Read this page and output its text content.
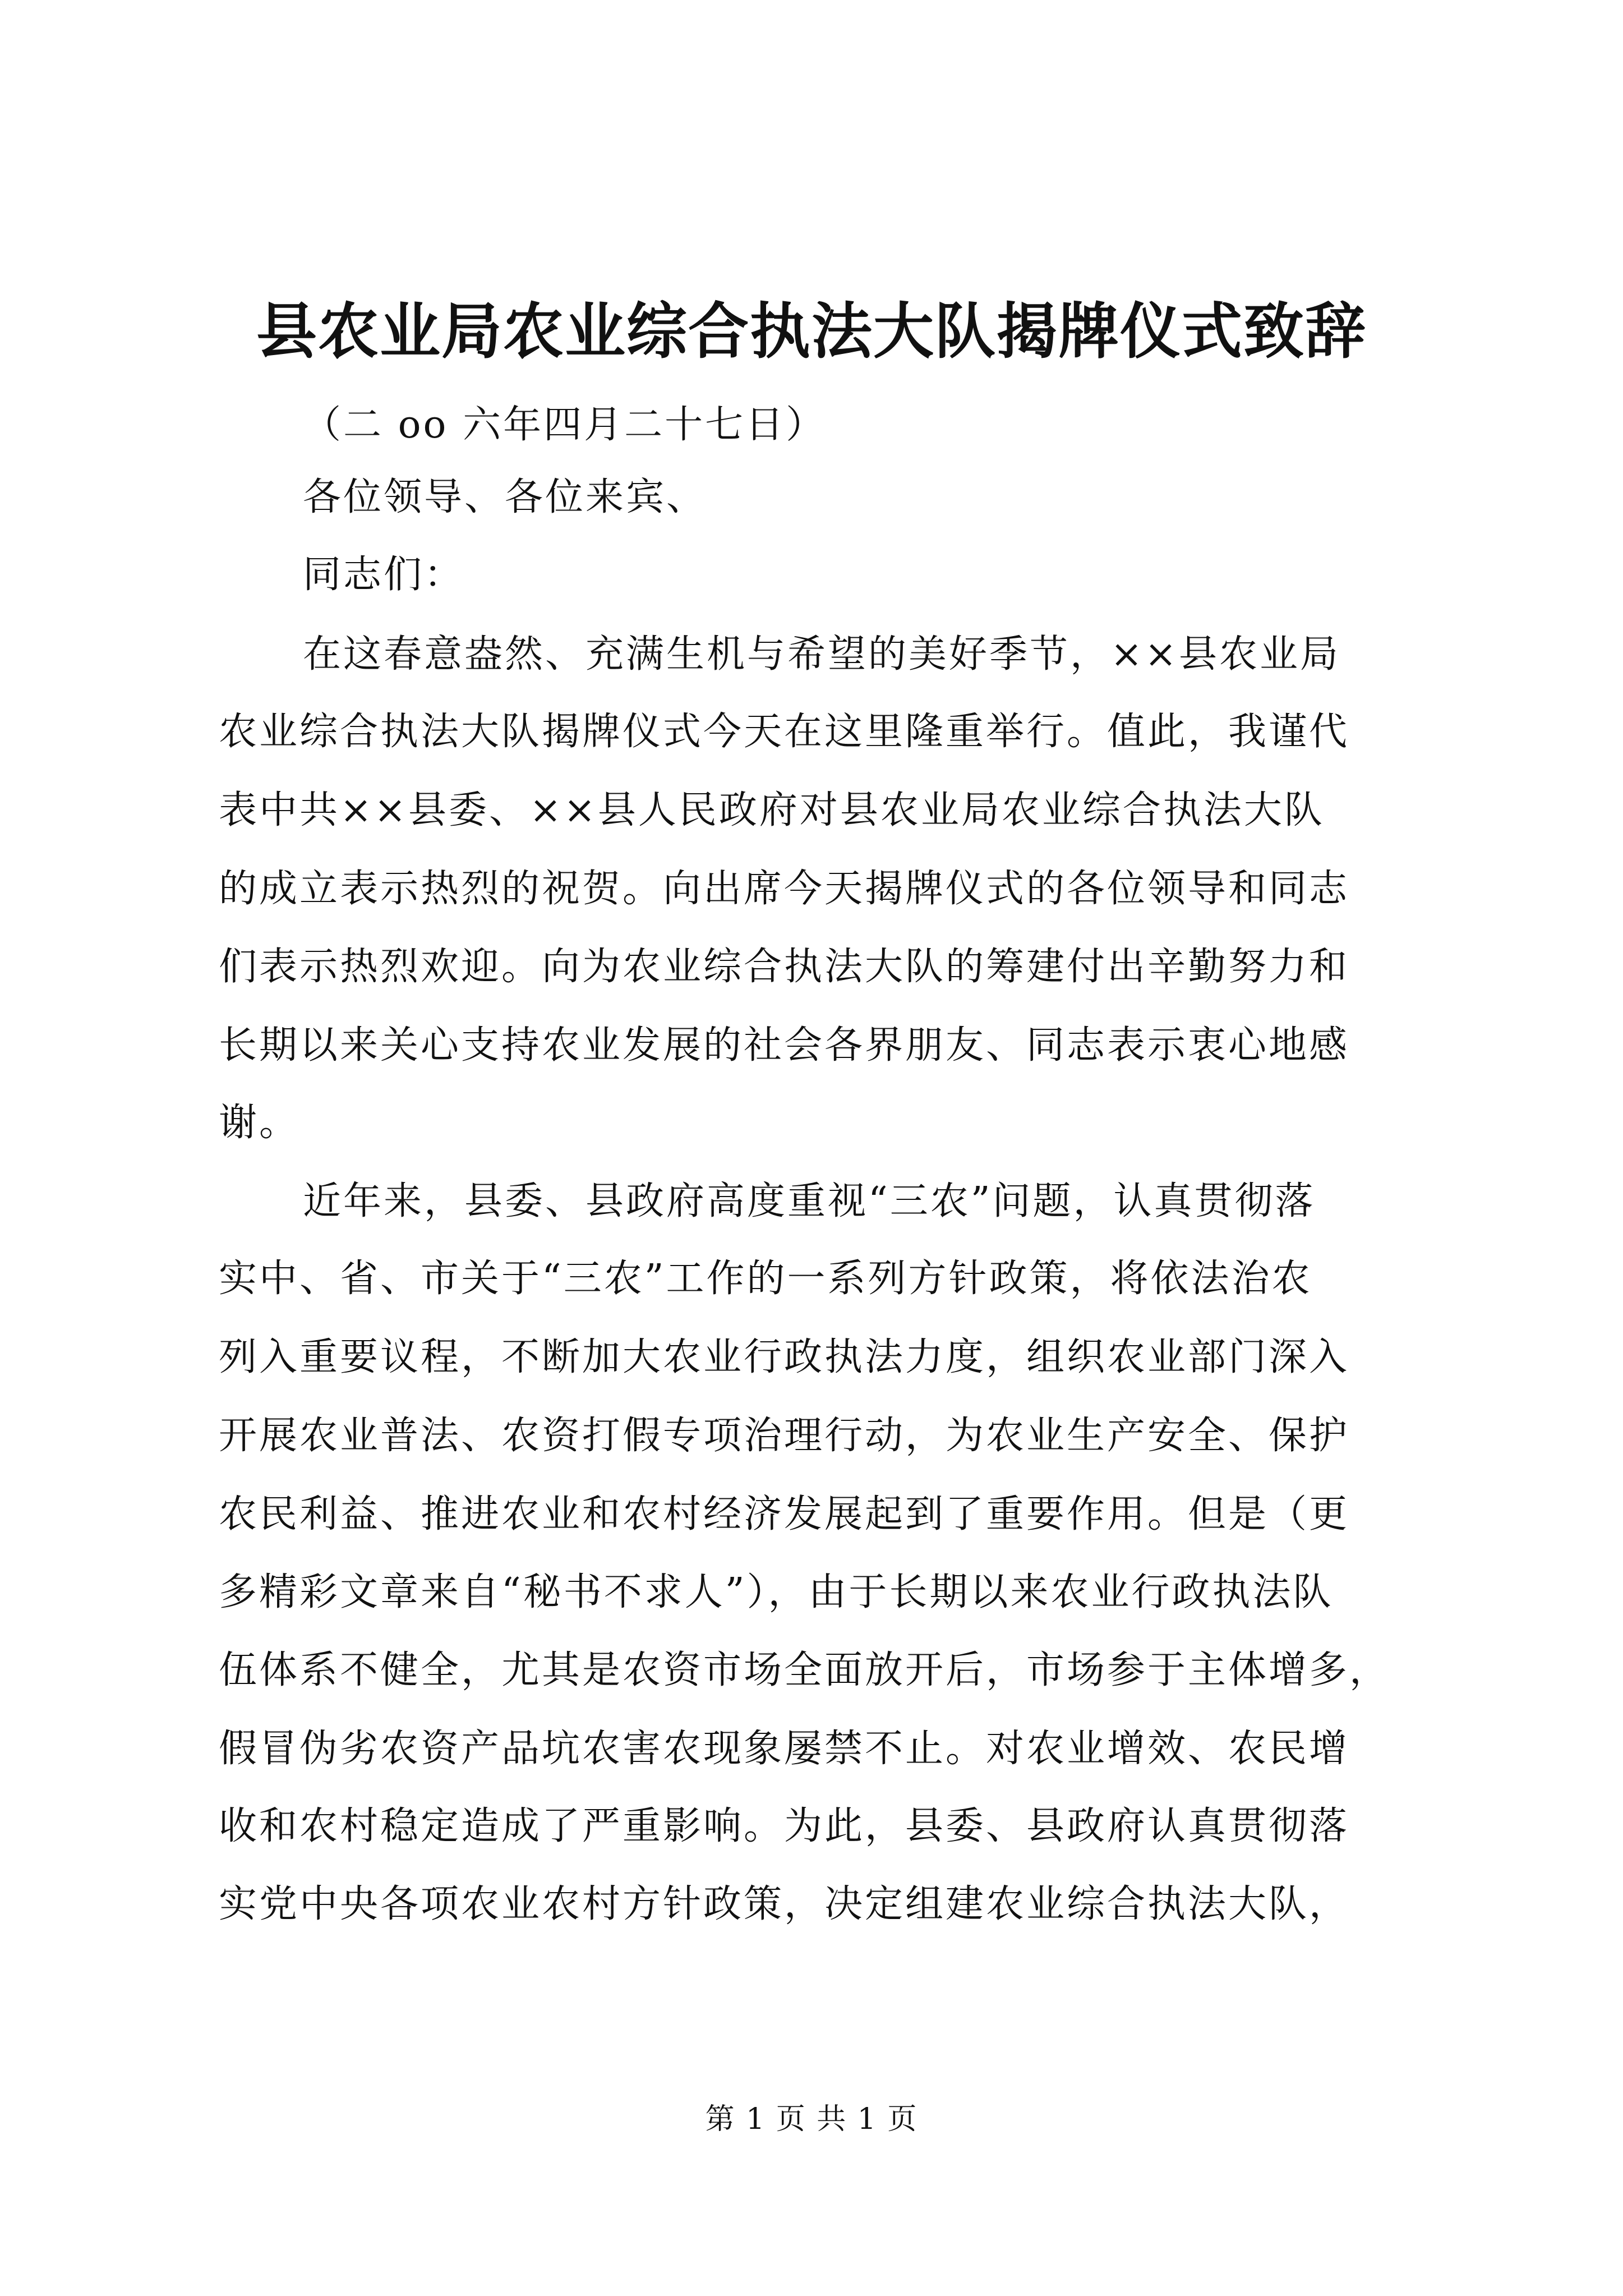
县农业局农业综合执法大队揭牌仪式致辞
（二 oo 六年四月二十七日）
各位领导、各位来宾、
同志们：
在这春意盎然、充满生机与希望的美好季节，××县农业局
农业综合执法大队揭牌仪式今天在这里隆重举行。值此，我谨代
表中共××县委、××县人民政府对县农业局农业综合执法大队
的成立表示热烈的祝贺。向出席今天揭牌仪式的各位领导和同志
们表示热烈欢迎。向为农业综合执法大队的筹建付出辛勤努力和
长期以来关心支持农业发展的社会各界朋友、同志表示衷心地感
谢。
近年来，县委、县政府高度重视“三农”问题，认真贯彻落
实中、省、市关于“三农”工作的一系列方针政策，将依法治农
列入重要议程，不断加大农业行政执法力度，组织农业部门深入
开展农业普法、农资打假专项治理行动，为农业生产安全、保护
农民利益、推进农业和农村经济发展起到了重要作用。但是（更
多精彩文章来自“秘书不求人”），由于长期以来农业行政执法队
伍体系不健全，尤其是农资市场全面放开后，市场参于主体增多，
假冒伪劣农资产品坑农害农现象屡禁不止。对农业增效、农民增
收和农村稳定造成了严重影响。为此，县委、县政府认真贯彻落
实党中央各项农业农村方针政策，决定组建农业综合执法大队，
第 1 页 共 1 页
